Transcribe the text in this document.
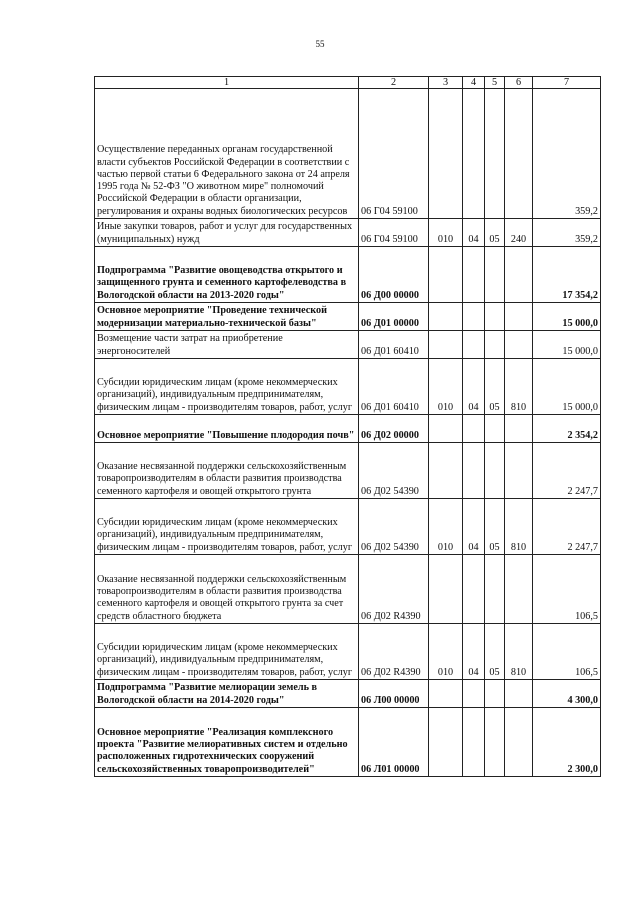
55
1	2	3	4	5	6	7
Осуществление переданных органам государственной власти субъектов Российской Федерации в соответствии с частью первой статьи 6 Федерального закона от 24 апреля 1995 года № 52-ФЗ "О животном мире" полномочий Российской Федерации в области организации, регулирования и охраны водных биологических ресурсов	06 Г04 59100					359,2
Иные закупки товаров, работ и услуг для государственных (муниципальных) нужд	06 Г04 59100	010	04	05	240	359,2
Подпрограмма "Развитие овощеводства открытого и защищенного грунта и семенного картофелеводства в Вологодской области на 2013-2020 годы"	06 Д00 00000					17 354,2
Основное мероприятие "Проведение технической модернизации материально-технической базы"	06 Д01 00000					15 000,0
Возмещение части затрат на приобретение энергоносителей	06 Д01 60410					15 000,0
Субсидии юридическим лицам (кроме некоммерческих организаций), индивидуальным предпринимателям, физическим лицам - производителям товаров, работ, услуг	06 Д01 60410	010	04	05	810	15 000,0
Основное мероприятие "Повышение плодородия почв"	06 Д02 00000					2 354,2
Оказание несвязанной поддержки сельскохозяйственным товаропроизводителям в области развития производства семенного картофеля и овощей открытого грунта	06 Д02 54390					2 247,7
Субсидии юридическим лицам (кроме некоммерческих организаций), индивидуальным предпринимателям, физическим лицам - производителям товаров, работ, услуг	06 Д02 54390	010	04	05	810	2 247,7
Оказание несвязанной поддержки сельскохозяйственным товаропроизводителям в области развития производства семенного картофеля и овощей открытого грунта за счет средств областного бюджета	06 Д02 R4390					106,5
Субсидии юридическим лицам (кроме некоммерческих организаций), индивидуальным предпринимателям, физическим лицам - производителям товаров, работ, услуг	06 Д02 R4390	010	04	05	810	106,5
Подпрограмма "Развитие мелиорации земель в Вологодской области на 2014-2020 годы"	06 Л00 00000					4 300,0
Основное мероприятие "Реализация комплексного проекта "Развитие мелиоративных систем и отдельно расположенных гидротехнических сооружений сельскохозяйственных товаропроизводителей"	06 Л01 00000					2 300,0
